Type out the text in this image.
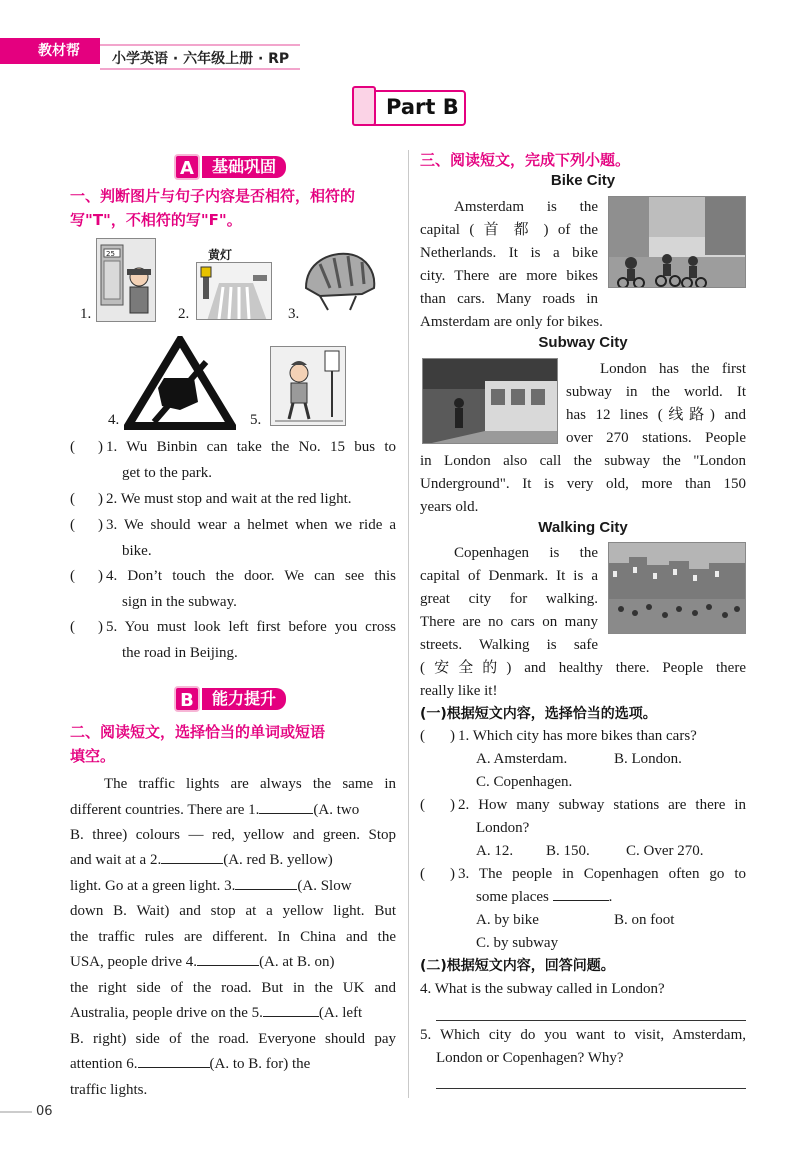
教材帮	小学英语 · 六年级上册 · RP
Part B
A	基础巩固
一、判断图片与句子内容是否相符，相符的
写"T"，不相符的写"F"。
1.
25
2.
黄灯
3.
4.	5.
( ) 1. Wu Binbin can take the No. 15 bus to
get to the park.
( ) 2. We must stop and wait at the red light.
( ) 3. We should wear a helmet when we ride a
bike.
( ) 4. Don’t touch the door. We can see this
sign in the subway.
( ) 5. You must look left first before you cross
the road in Beijing.
B	能力提升
二、阅读短文，选择恰当的单词或短语
填空。
The traffic lights are always the same in
different countries. There are 1.	(A. two
B. three) colours — red, yellow and green. Stop
and wait at a 2.	(A. red B. yellow)
light. Go at a green light. 3.	(A. Slow
down B. Wait) and stop at a yellow light. But
the traffic rules are different. In China and the
USA, people drive 4.	(A. at B. on)
the right side of the road. But in the UK and
Australia, people drive on the 5.	(A. left
B. right) side of the road. Everyone should pay
attention 6.	(A. to B. for) the
traffic lights.
三、阅读短文，完成下列小题。
Bike City
Amsterdam is the
capital ( 首 都 ) of the
Netherlands. It is a bike
city. There are more bikes
than cars. Many roads in
Amsterdam are only for bikes.
Subway City
London has the first
subway in the world. It
has 12 lines (线路) and
over 270 stations. People
in London also call the subway the "London
Underground". It is very old, more than 150
years old.
Walking City
Copenhagen is the
capital of Denmark. It is a
great city for walking.
There are no cars on many
streets. Walking is safe
(安全的) and healthy there. People there
really like it!
(一)根据短文内容，选择恰当的选项。
( ) 1. Which city has more bikes than cars?
A. Amsterdam.	B. London.
C. Copenhagen.
( ) 2. How many subway stations are there in
London?
A. 12. B. 150. C. Over 270.
( ) 3. The people in Copenhagen often go to
some places	.
A. by bike	B. on foot
C. by subway
(二)根据短文内容，回答问题。
4. What is the subway called in London?
5. Which city do you want to visit, Amsterdam,
London or Copenhagen? Why?
06
